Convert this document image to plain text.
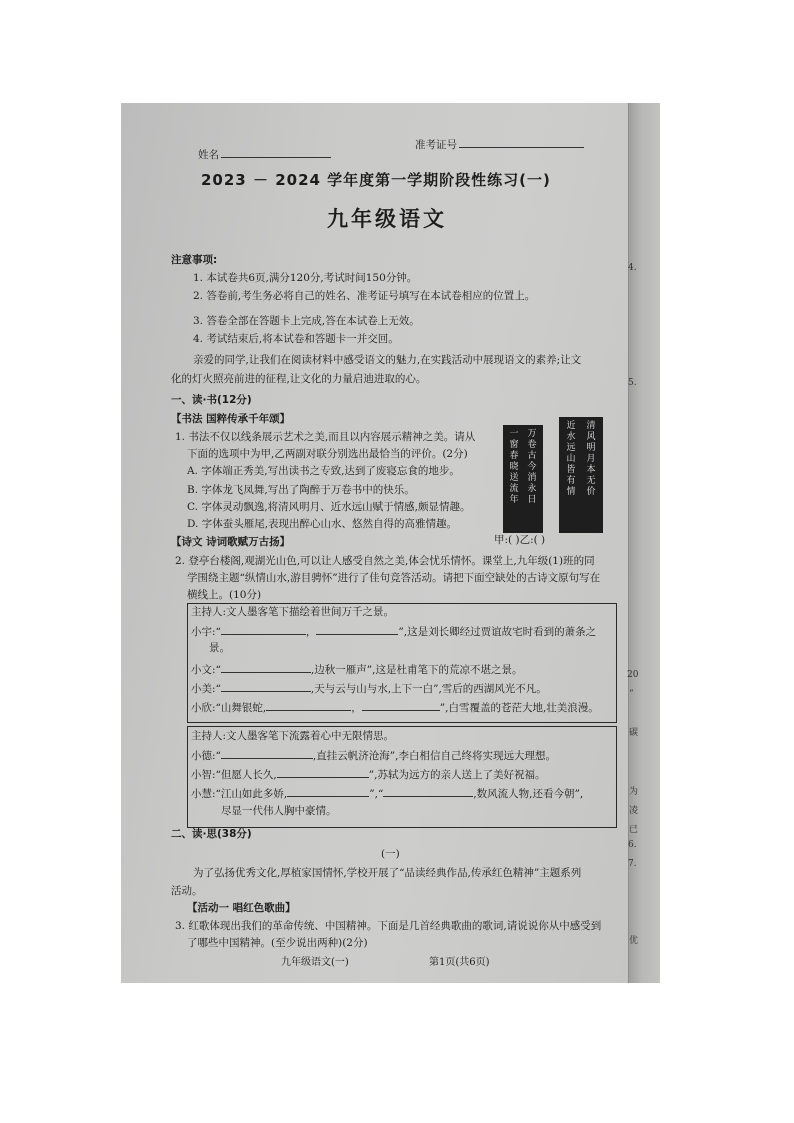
姓名
准考证号
2023 － 2024 学年度第一学期阶段性练习(一)
九年级语文
注意事项:
1. 本试卷共6页,满分120分,考试时间150分钟。
2. 答卷前,考生务必将自己的姓名、准考证号填写在本试卷相应的位置上。
3. 答卷全部在答题卡上完成,答在本试卷上无效。
4. 考试结束后,将本试卷和答题卡一并交回。
亲爱的同学,让我们在阅读材料中感受语文的魅力,在实践活动中展现语文的素养;让文
化的灯火照亮前进的征程,让文化的力量启迪进取的心。
一、读·书(12分)
【书法 国粹传承千年颂】
1. 书法不仅以线条展示艺术之美,而且以内容展示精神之美。请从
下面的选项中为甲,乙两副对联分别选出最恰当的评价。(2分)
A. 字体端正秀美,写出读书之专致,达到了废寝忘食的地步。
B. 字体龙飞凤舞,写出了陶醉于万卷书中的快乐。
C. 字体灵动飘逸,将清风明月、近水远山赋于情感,颇显情趣。
D. 字体蚕头雁尾,表现出醉心山水、悠然自得的高雅情趣。
一窗春晓送流年
万卷古今消永日
近水远山皆有情
清风明月本无价
【诗文 诗词歌赋万古扬】	甲:( )乙:( )
2. 登亭台楼阁,观湖光山色,可以让人感受自然之美,体会忧乐情怀。课堂上,九年级(1)班的同
学围绕主题“纵情山水,游目骋怀”进行了佳句竞答活动。请把下面空缺处的古诗文原句写在
横线上。(10分)
主持人:文人墨客笔下描绘着世间万千之景。
小宇:“	，	”,这是刘长卿经过贾谊故宅时看到的萧条之
景。
小文:“	,边秋一雁声”,这是杜甫笔下的荒凉不堪之景。
小美:“	,天与云与山与水,上下一白”,雪后的西湖风光不凡。
小欣:“山舞银蛇,	，	”,白雪覆盖的苍茫大地,壮美浪漫。
主持人:文人墨客笔下流露着心中无限情思。
小德:“	,直挂云帆济沧海”,李白相信自己终将实现远大理想。
小智:“但愿人长久,	”,苏轼为远方的亲人送上了美好祝福。
小慧:“江山如此多娇,	”,“	,数风流人物,还看今朝”,
尽显一代伟人胸中豪情。
二、读·思(38分)
(一)
为了弘扬优秀文化,厚植家国情怀,学校开展了“品读经典作品,传承红色精神”主题系列
活动。
【活动一 唱红色歌曲】
3. 红歌体现出我们的革命传统、中国精神。下面是几首经典歌曲的歌词,请说说你从中感受到
了哪些中国精神。(至少说出两种)(2分)
九年级语文(一)	第1页(共6页)
4.
5.
20
“
碳
为
凌
已
6.
7.
优
